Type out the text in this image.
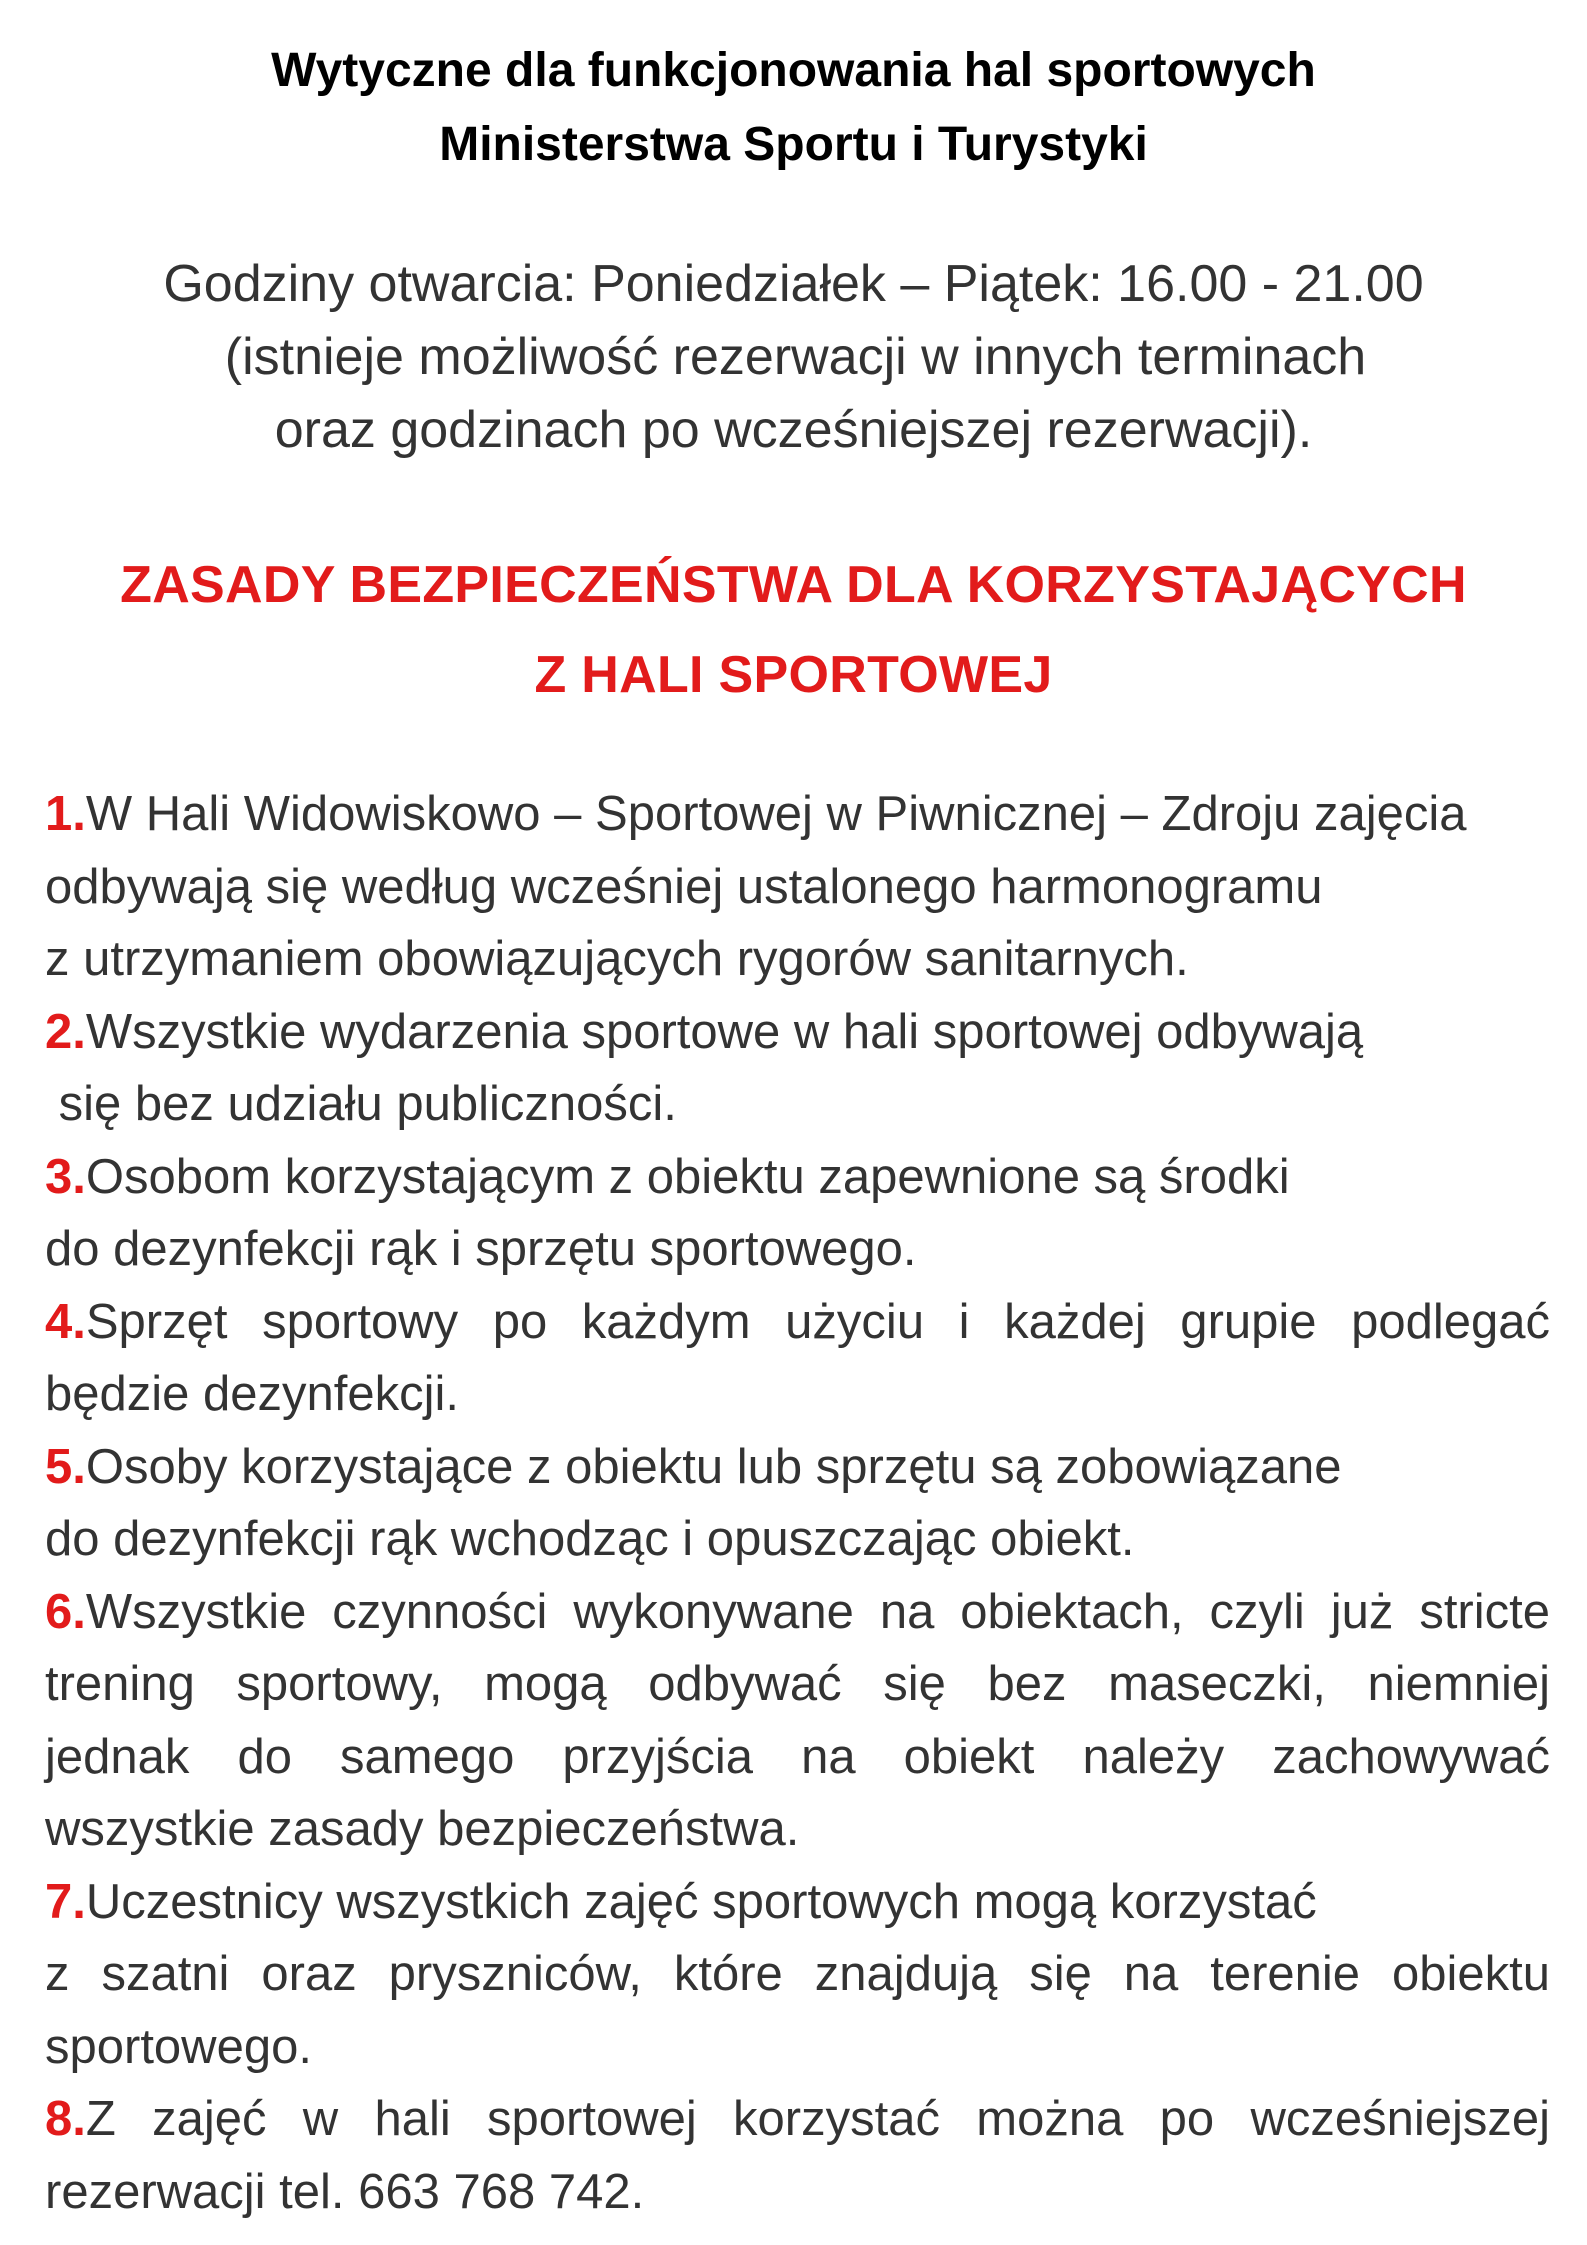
Wytyczne dla funkcjonowania hal sportowych
Ministerstwa Sportu i Turystyki
Godziny otwarcia: Poniedziałek – Piątek: 16.00 - 21.00
(istnieje możliwość rezerwacji w innych terminach
oraz godzinach po wcześniejszej rezerwacji).
ZASADY BEZPIECZEŃSTWA DLA KORZYSTAJĄCYCH
Z HALI SPORTOWEJ
1.W Hali Widowiskowo – Sportowej w Piwnicznej – Zdroju zajęcia
odbywają się według wcześniej ustalonego harmonogramu
z utrzymaniem obowiązujących rygorów sanitarnych.
2.Wszystkie wydarzenia sportowe w hali sportowej odbywają
się bez udziału publiczności.
3.Osobom korzystającym z obiektu zapewnione są środki
do dezynfekcji rąk i sprzętu sportowego.
4.Sprzęt sportowy po każdym użyciu i każdej grupie podlegać
będzie dezynfekcji.
5.Osoby korzystające z obiektu lub sprzętu są zobowiązane
do dezynfekcji rąk wchodząc i opuszczając obiekt.
6.Wszystkie czynności wykonywane na obiektach, czyli już stricte
trening sportowy, mogą odbywać się bez maseczki, niemniej
jednak do samego przyjścia na obiekt należy zachowywać
wszystkie zasady bezpieczeństwa.
7.Uczestnicy wszystkich zajęć sportowych mogą korzystać
z szatni oraz pryszniców, które znajdują się na terenie obiektu
sportowego.
8.Z zajęć w hali sportowej korzystać można po wcześniejszej
rezerwacji tel. 663 768 742.
